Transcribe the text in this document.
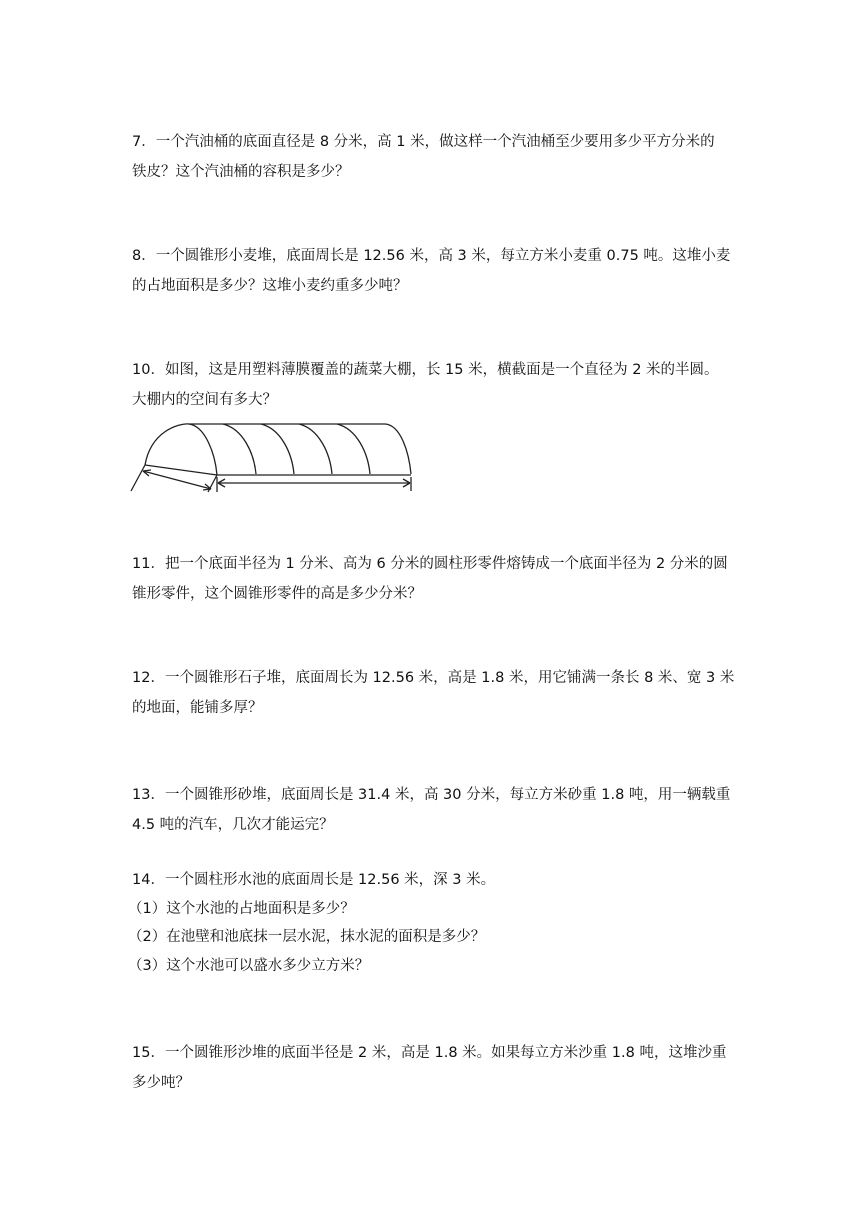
7．一个汽油桶的底面直径是 8 分米，高 1 米，做这样一个汽油桶至少要用多少平方分米的

铁皮？这个汽油桶的容积是多少？

8．一个圆锥形小麦堆，底面周长是 12.56 米，高 3 米，每立方米小麦重 0.75 吨。这堆小麦

的占地面积是多少？这堆小麦约重多少吨？

10．如图，这是用塑料薄膜覆盖的蔬菜大棚，长 15 米，横截面是一个直径为 2 米的半圆。

大棚内的空间有多大？

11．把一个底面半径为 1 分米、高为 6 分米的圆柱形零件熔铸成一个底面半径为 2 分米的圆

锥形零件，这个圆锥形零件的高是多少分米？

12．一个圆锥形石子堆，底面周长为 12.56 米，高是 1.8 米，用它铺满一条长 8 米、宽 3 米

的地面，能铺多厚？

13．一个圆锥形砂堆，底面周长是 31.4 米，高 30 分米，每立方米砂重 1.8 吨，用一辆载重

4.5 吨的汽车，几次才能运完？

14．一个圆柱形水池的底面周长是 12.56 米，深 3 米。

（1）这个水池的占地面积是多少？

（2）在池壁和池底抹一层水泥，抹水泥的面积是多少？

（3）这个水池可以盛水多少立方米？

15．一个圆锥形沙堆的底面半径是 2 米，高是 1.8 米。如果每立方米沙重 1.8 吨，这堆沙重

多少吨？
